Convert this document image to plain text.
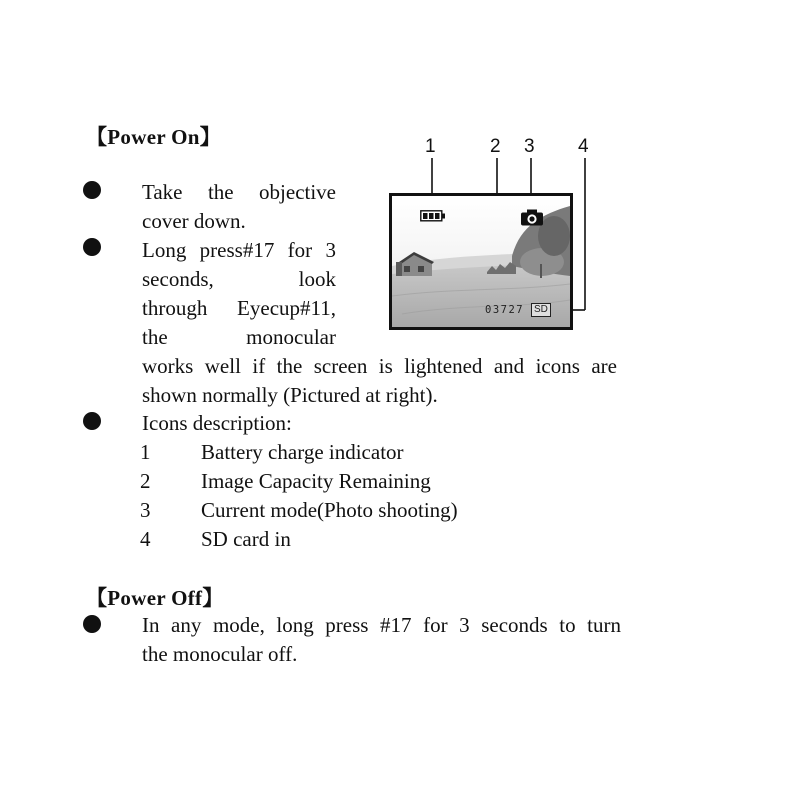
【Power On】
Take the objective
cover down.
Long press#17 for 3
seconds, look
through Eyecup#11,
the monocular
works well if the screen is lightened and icons are
shown normally (Pictured at right).
Icons description:
1	Battery charge indicator
2	Image Capacity Remaining
3	Current mode(Photo shooting)
4	SD card in
1	2 3 4
03727 SD
【Power Off】
In any mode, long press #17 for 3 seconds to turn
the monocular off.
